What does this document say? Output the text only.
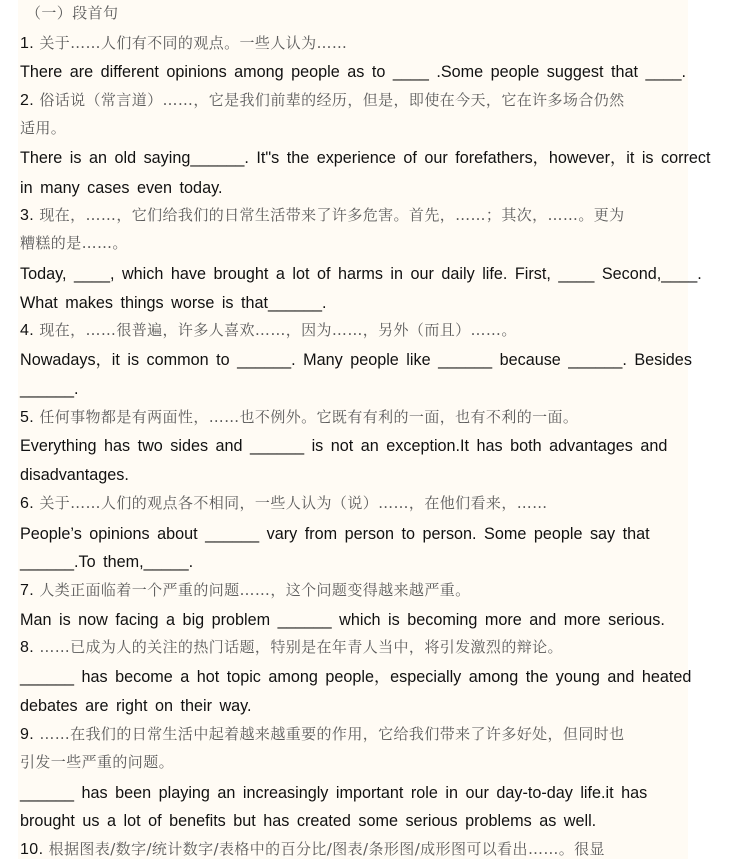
（一）段首句
1. 关于……人们有不同的观点。一些人认为……
There are different opinions among people as to ____ .Some people suggest that ____.
2. 俗话说（常言道）……，它是我们前辈的经历，但是，即使在今天，它在许多场合仍然
适用。
There is an old saying______. It"s the experience of our forefathers，however，it is correct
in many cases even today.
3. 现在，……，它们给我们的日常生活带来了许多危害。首先，……；其次，……。更为
糟糕的是……。
Today, ____, which have brought a lot of harms in our daily life. First, ____ Second,____.
What makes things worse is that______.
4. 现在，……很普遍，许多人喜欢……，因为……，另外（而且）……。
Nowadays，it is common to ______. Many people like ______ because ______. Besides
______.
5. 任何事物都是有两面性，……也不例外。它既有有利的一面，也有不利的一面。
Everything has two sides and ______ is not an exception.It has both advantages and
disadvantages.
6. 关于……人们的观点各不相同，一些人认为（说）……，在他们看来，……
People’s opinions about ______ vary from person to person. Some people say that
______.To them,_____.
7. 人类正面临着一个严重的问题……，这个问题变得越来越严重。
Man is now facing a big problem ______ which is becoming more and more serious.
8. ……已成为人的关注的热门话题，特别是在年青人当中，将引发激烈的辩论。
______ has become a hot topic among people，especially among the young and heated
debates are right on their way.
9. ……在我们的日常生活中起着越来越重要的作用，它给我们带来了许多好处，但同时也
引发一些严重的问题。
______ has been playing an increasingly important role in our day-to-day life.it has
brought us a lot of benefits but has created some serious problems as well.
10. 根据图表/数字/统计数字/表格中的百分比/图表/条形图/成形图可以看出……。很显
